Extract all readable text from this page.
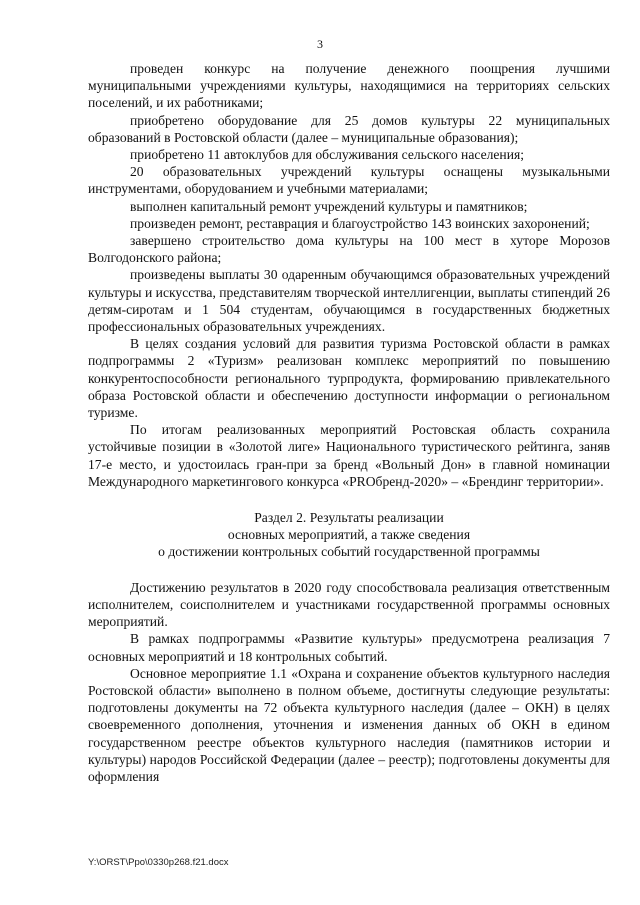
3

проведен конкурс на получение денежного поощрения лучшими муниципальными учреждениями культуры, находящимися на территориях сельских поселений, и их работниками;

приобретено оборудование для 25 домов культуры 22 муниципальных образований в Ростовской области (далее – муниципальные образования);

приобретено 11 автоклубов для обслуживания сельского населения;

20 образовательных учреждений культуры оснащены музыкальными инструментами, оборудованием и учебными материалами;

выполнен капитальный ремонт учреждений культуры и памятников;

произведен ремонт, реставрация и благоустройство 143 воинских захоронений;

завершено строительство дома культуры на 100 мест в хуторе Морозов Волгодонского района;

произведены выплаты 30 одаренным обучающимся образовательных учреждений культуры и искусства, представителям творческой интеллигенции, выплаты стипендий 26 детям-сиротам и 1 504 студентам, обучающимся в государственных бюджетных профессиональных образовательных учреждениях.

В целях создания условий для развития туризма Ростовской области в рамках подпрограммы 2 «Туризм» реализован комплекс мероприятий по повышению конкурентоспособности регионального турпродукта, формированию привлекательного образа Ростовской области и обеспечению доступности информации о региональном туризме.

По итогам реализованных мероприятий Ростовская область сохранила устойчивые позиции в «Золотой лиге» Национального туристического рейтинга, заняв 17-е место, и удостоилась гран-при за бренд «Вольный Дон» в главной номинации Международного маркетингового конкурса «PROбренд-2020» – «Брендинг территории».

Раздел 2. Результаты реализации
основных мероприятий, а также сведения
о достижении контрольных событий государственной программы

Достижению результатов в 2020 году способствовала реализация ответственным исполнителем, соисполнителем и участниками государственной программы основных мероприятий.

В рамках подпрограммы «Развитие культуры» предусмотрена реализация 7 основных мероприятий и 18 контрольных событий.

Основное мероприятие 1.1 «Охрана и сохранение объектов культурного наследия Ростовской области» выполнено в полном объеме, достигнуты следующие результаты: подготовлены документы на 72 объекта культурного наследия (далее – ОКН) в целях своевременного дополнения, уточнения и изменения данных об ОКН в едином государственном реестре объектов культурного наследия (памятников истории и культуры) народов Российской Федерации (далее – реестр); подготовлены документы для оформления

Y:\ORST\Ppo\0330p268.f21.docx
